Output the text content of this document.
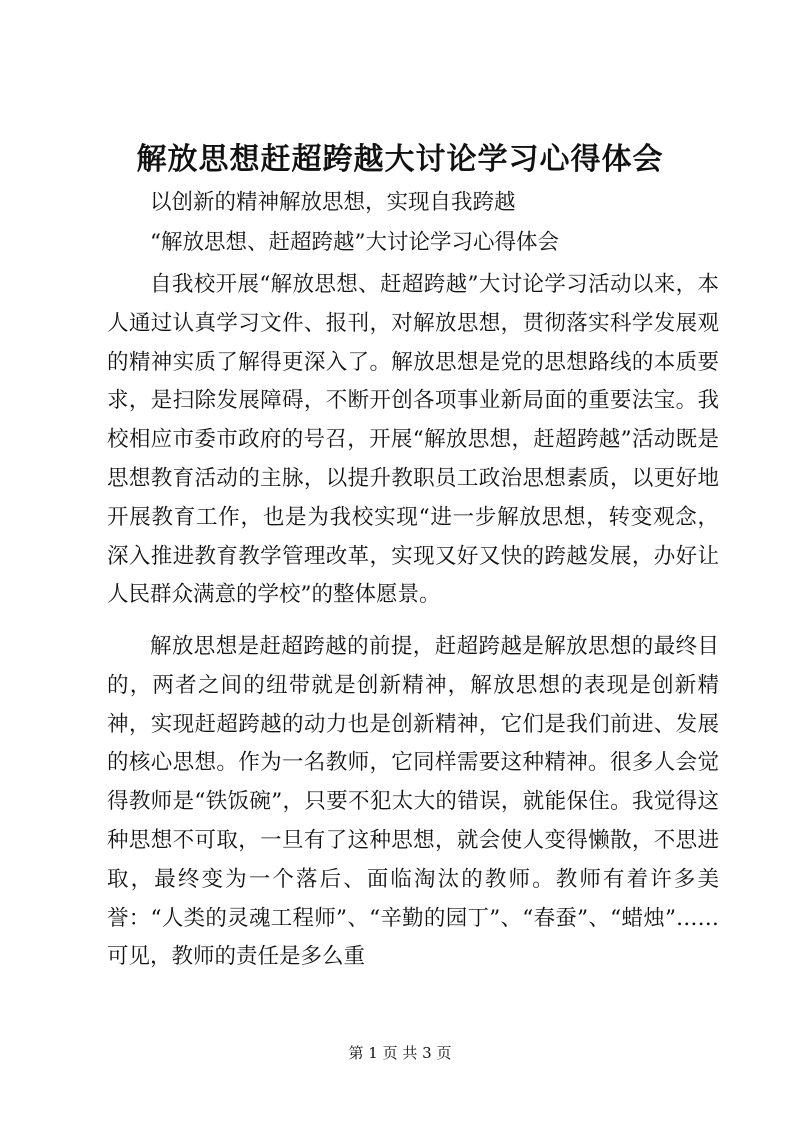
解放思想赶超跨越大讨论学习心得体会

以创新的精神解放思想，实现自我跨越

“解放思想、赶超跨越”大讨论学习心得体会

自我校开展“解放思想、赶超跨越”大讨论学习活动以来，本人通过认真学习文件、报刊，对解放思想，贯彻落实科学发展观的精神实质了解得更深入了。解放思想是党的思想路线的本质要求，是扫除发展障碍，不断开创各项事业新局面的重要法宝。我校相应市委市政府的号召，开展“解放思想，赶超跨越”活动既是思想教育活动的主脉，以提升教职员工政治思想素质，以更好地开展教育工作，也是为我校实现“进一步解放思想，转变观念，深入推进教育教学管理改革，实现又好又快的跨越发展，办好让人民群众满意的学校”的整体愿景。

解放思想是赶超跨越的前提，赶超跨越是解放思想的最终目的，两者之间的纽带就是创新精神，解放思想的表现是创新精神，实现赶超跨越的动力也是创新精神，它们是我们前进、发展的核心思想。作为一名教师，它同样需要这种精神。很多人会觉得教师是“铁饭碗”，只要不犯太大的错误，就能保住。我觉得这种思想不可取，一旦有了这种思想，就会使人变得懒散，不思进取，最终变为一个落后、面临淘汰的教师。教师有着许多美誉：“人类的灵魂工程师”、“辛勤的园丁”、“春蚕”、“蜡烛”……可见，教师的责任是多么重

第 1 页 共 3 页
